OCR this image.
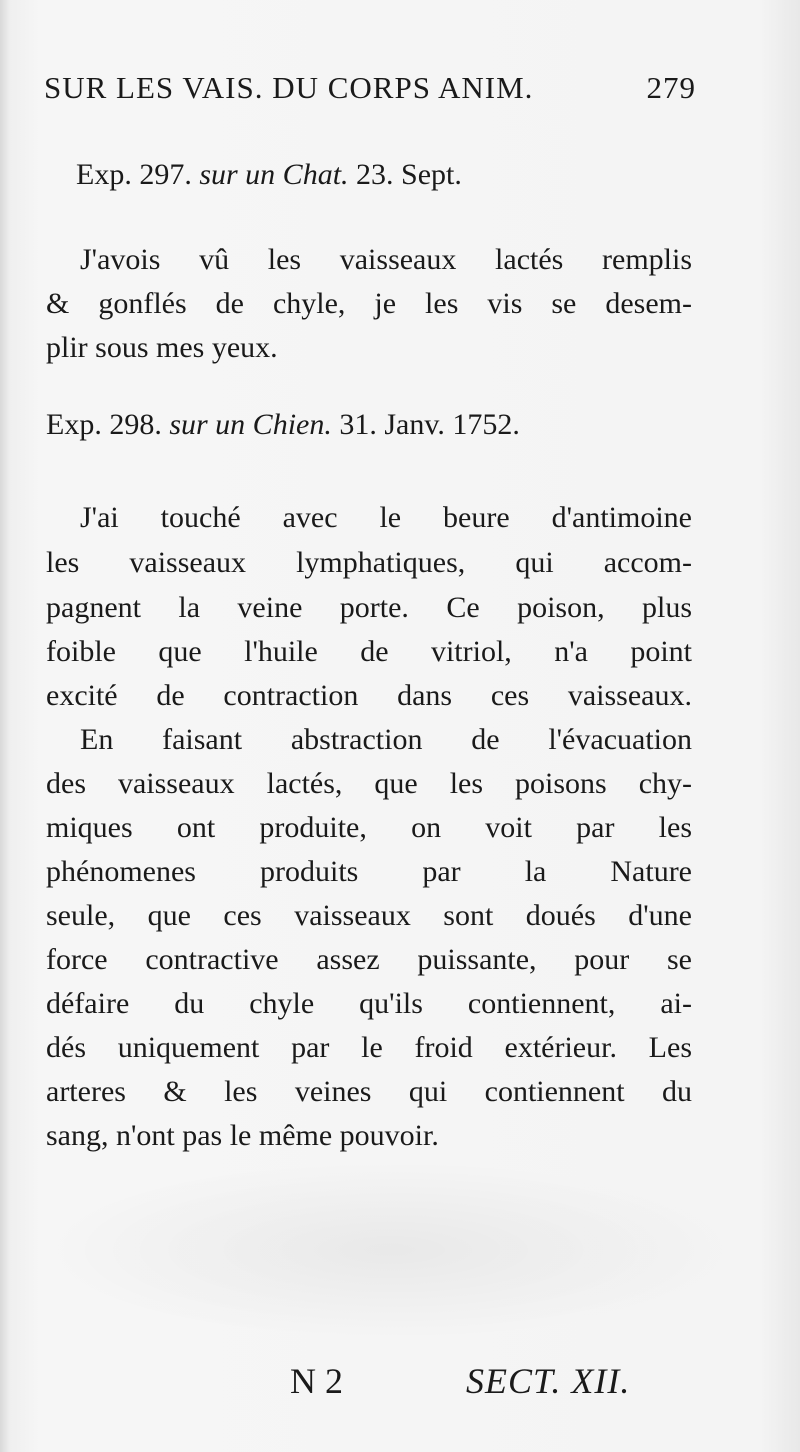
SUR LES VAIS. DU CORPS ANIM.	279
Exp. 297. sur un Chat. 23. Sept.
J'avois vû les vaisseaux lactés remplis
& gonflés de chyle, je les vis se desem-
plir sous mes yeux.
Exp. 298. sur un Chien. 31. Janv. 1752.
J'ai touché avec le beure d'antimoine
les vaisseaux lymphatiques, qui accom-
pagnent la veine porte. Ce poison, plus
foible que l'huile de vitriol, n'a point
excité de contraction dans ces vaisseaux.
En faisant abstraction de l'évacuation
des vaisseaux lactés, que les poisons chy-
miques ont produite, on voit par les
phénomenes produits par la Nature
seule, que ces vaisseaux sont doués d'une
force contractive assez puissante, pour se
défaire du chyle qu'ils contiennent, ai-
dés uniquement par le froid extérieur. Les
arteres & les veines qui contiennent du
sang, n'ont pas le même pouvoir.
N 2	SECT. XII.
